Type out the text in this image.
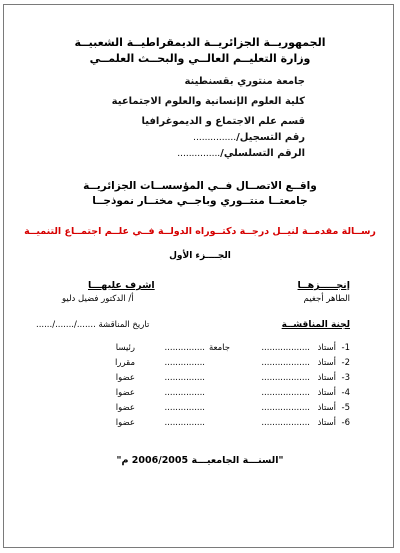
الجمهوريــة الجزائريــة الديمقراطيــة الشعبيــة
وزارة التعليــم العالــي والبحــث العلمــي
جامعة منتوري بقسنطينة
كلية العلوم الإنسانية والعلوم الاجتماعية
قسم علم الاجتماع و الديموغرافيا
رقم التسجيل/...............
الرقم التسلسلي/...............
واقــع الاتصــال فــي المؤسســات الجزائريــة
جامعتــا منتــوري وباجــي مختــار نموذجــا
رســالة مقدمــة لنيــل درجــة دكتــوراه الدولــة فــي علــم اجتمــاع التنميــة
الجــــزء الأول
إنجـــــزهــا
الطاهر أجغيم
اشرف عليهـــا
أ/ الدكتور فضيل دليو
لجنة المناقشــة
تاريخ المناقشة ......./......./......
1-
أستاذ
..................
جامعة
...............
رئيسا
2-
أستاذ
..................
...............
مقررا
3-
أستاذ
..................
...............
عضوا
4-
أستاذ
..................
...............
عضوا
5-
أستاذ
..................
...............
عضوا
6-
أستاذ
..................
...............
عضوا
"السنـــة الجامعيـــة 2006/2005 م"
